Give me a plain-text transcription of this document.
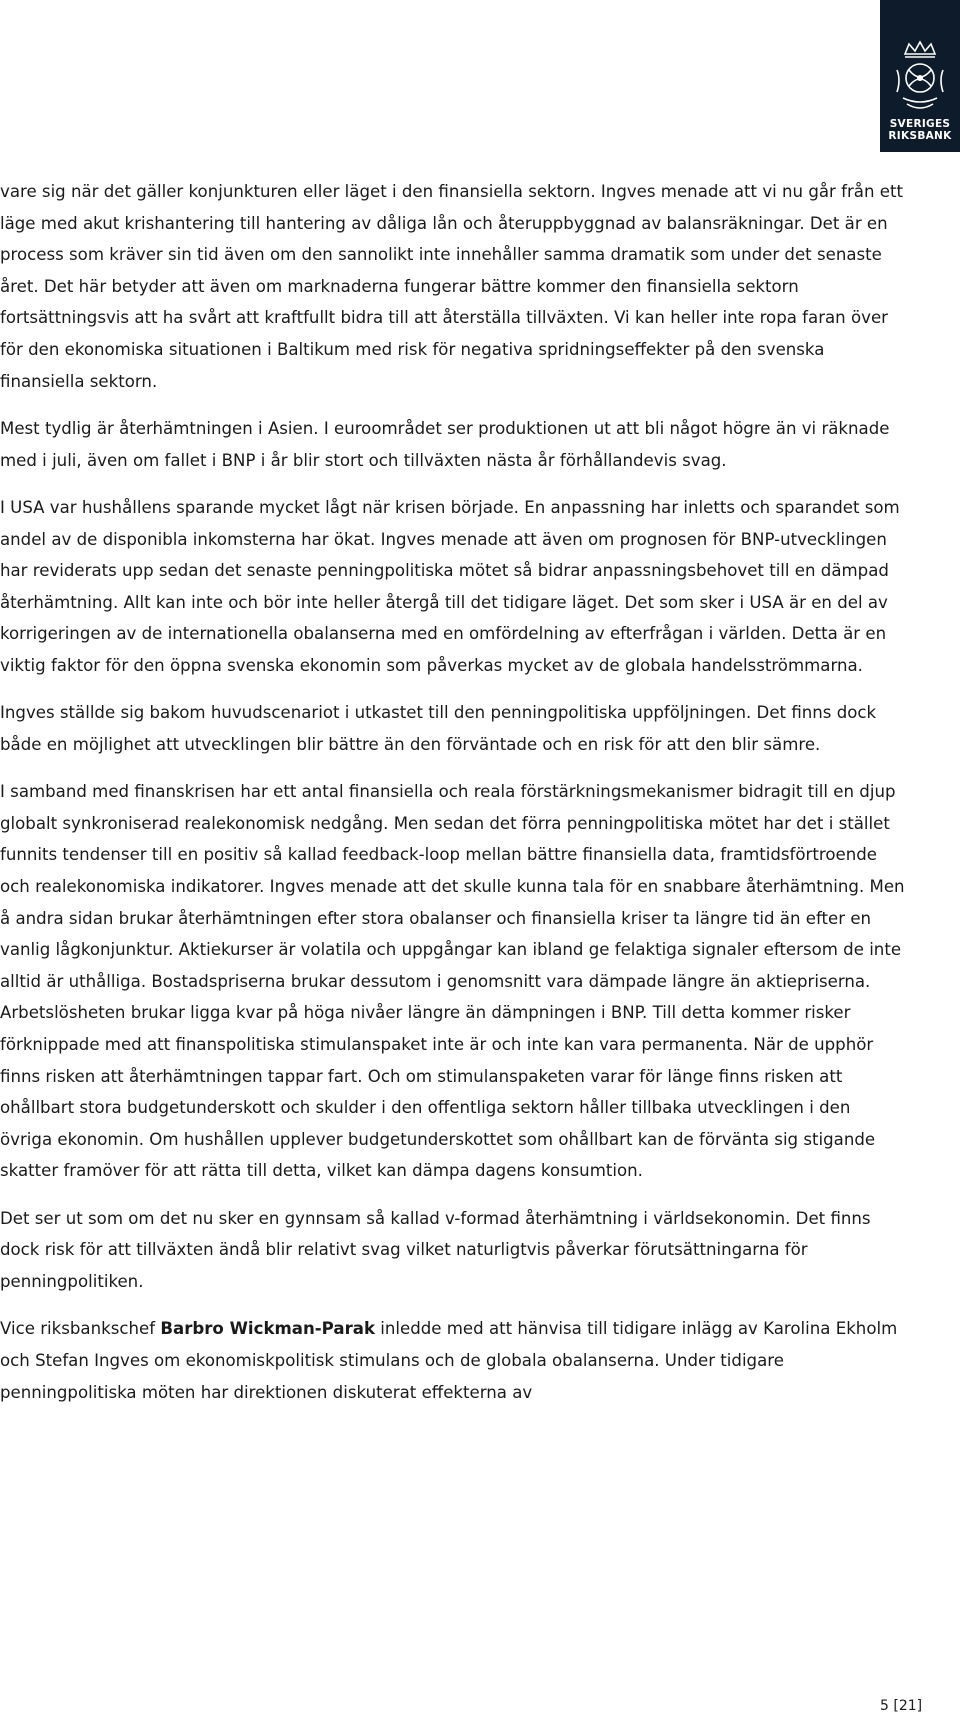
SVERIGES
RIKSBANK

vare sig när det gäller konjunkturen eller läget i den finansiella sektorn. Ingves menade att vi nu går från ett läge med akut krishantering till hantering av dåliga lån och återuppbyggnad av balansräkningar. Det är en process som kräver sin tid även om den sannolikt inte innehåller samma dramatik som under det senaste året. Det här betyder att även om marknaderna fungerar bättre kommer den finansiella sektorn fortsättningsvis att ha svårt att kraftfullt bidra till att återställa tillväxten. Vi kan heller inte ropa faran över för den ekonomiska situationen i Baltikum med risk för negativa spridningseffekter på den svenska finansiella sektorn.

Mest tydlig är återhämtningen i Asien. I euroområdet ser produktionen ut att bli något högre än vi räknade med i juli, även om fallet i BNP i år blir stort och tillväxten nästa år förhållandevis svag.

I USA var hushållens sparande mycket lågt när krisen började. En anpassning har inletts och sparandet som andel av de disponibla inkomsterna har ökat. Ingves menade att även om prognosen för BNP-utvecklingen har reviderats upp sedan det senaste penningpolitiska mötet så bidrar anpassningsbehovet till en dämpad återhämtning. Allt kan inte och bör inte heller återgå till det tidigare läget. Det som sker i USA är en del av korrigeringen av de internationella obalanserna med en omfördelning av efterfrågan i världen. Detta är en viktig faktor för den öppna svenska ekonomin som påverkas mycket av de globala handelsströmmarna.

Ingves ställde sig bakom huvudscenariot i utkastet till den penningpolitiska uppföljningen. Det finns dock både en möjlighet att utvecklingen blir bättre än den förväntade och en risk för att den blir sämre.

I samband med finanskrisen har ett antal finansiella och reala förstärkningsmekanismer bidragit till en djup globalt synkroniserad realekonomisk nedgång. Men sedan det förra penningpolitiska mötet har det i stället funnits tendenser till en positiv så kallad feedback-loop mellan bättre finansiella data, framtidsförtroende och realekonomiska indikatorer. Ingves menade att det skulle kunna tala för en snabbare återhämtning. Men å andra sidan brukar återhämtningen efter stora obalanser och finansiella kriser ta längre tid än efter en vanlig lågkonjunktur. Aktiekurser är volatila och uppgångar kan ibland ge felaktiga signaler eftersom de inte alltid är uthålliga. Bostadspriserna brukar dessutom i genomsnitt vara dämpade längre än aktiepriserna. Arbetslösheten brukar ligga kvar på höga nivåer längre än dämpningen i BNP. Till detta kommer risker förknippade med att finanspolitiska stimulanspaket inte är och inte kan vara permanenta. När de upphör finns risken att återhämtningen tappar fart. Och om stimulanspaketen varar för länge finns risken att ohållbart stora budgetunderskott och skulder i den offentliga sektorn håller tillbaka utvecklingen i den övriga ekonomin. Om hushållen upplever budgetunderskottet som ohållbart kan de förvänta sig stigande skatter framöver för att rätta till detta, vilket kan dämpa dagens konsumtion.

Det ser ut som om det nu sker en gynnsam så kallad v-formad återhämtning i världsekonomin. Det finns dock risk för att tillväxten ändå blir relativt svag vilket naturligtvis påverkar förutsättningarna för penningpolitiken.

Vice riksbankschef Barbro Wickman-Parak inledde med att hänvisa till tidigare inlägg av Karolina Ekholm och Stefan Ingves om ekonomiskpolitisk stimulans och de globala obalanserna. Under tidigare penningpolitiska möten har direktionen diskuterat effekterna av

5 [21]
